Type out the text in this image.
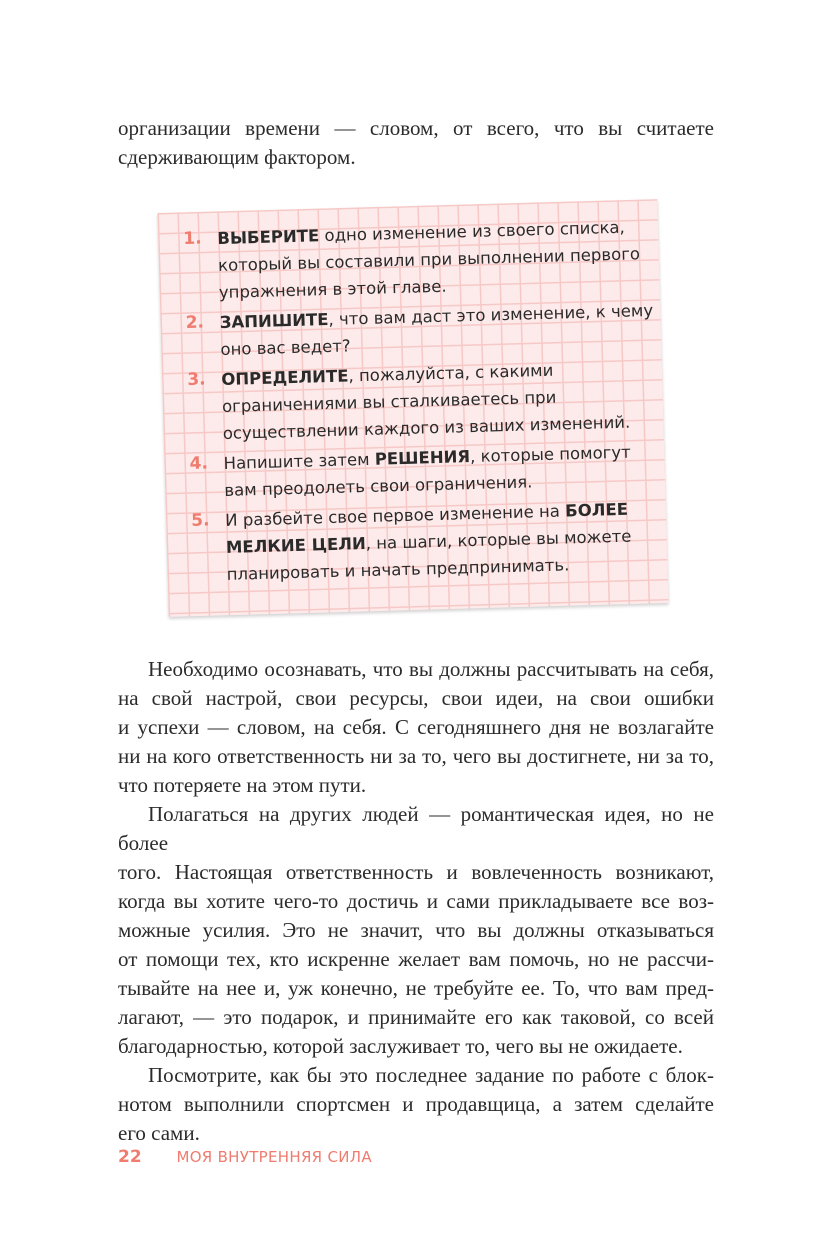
организации времени — словом, от всего, что вы считаете
сдерживающим фактором.
1. ВЫБЕРИТЕ одно изменение из своего списка, который вы составили при выполнении первого упражнения в этой главе.
2. ЗАПИШИТЕ, что вам даст это изменение, к чему оно вас ведет?
3. ОПРЕДЕЛИТЕ, пожалуйста, с какими ограничениями вы сталкиваетесь при осуществлении каждого из ваших изменений.
4. Напишите затем РЕШЕНИЯ, которые помогут вам преодолеть свои ограничения.
5. И разбейте свое первое изменение на БОЛЕЕ МЕЛКИЕ ЦЕЛИ, на шаги, которые вы можете планировать и начать предпринимать.
Необходимо осознавать, что вы должны рассчитывать на себя,
на свой настрой, свои ресурсы, свои идеи, на свои ошибки
и успехи — словом, на себя. С сегодняшнего дня не возлагайте
ни на кого ответственность ни за то, чего вы достигнете, ни за то,
что потеряете на этом пути.
Полагаться на других людей — романтическая идея, но не более
того. Настоящая ответственность и вовлеченность возникают,
когда вы хотите чего-то достичь и сами прикладываете все воз-
можные усилия. Это не значит, что вы должны отказываться
от помощи тех, кто искренне желает вам помочь, но не рассчи-
тывайте на нее и, уж конечно, не требуйте ее. То, что вам пред-
лагают, — это подарок, и принимайте его как таковой, со всей
благодарностью, которой заслуживает то, чего вы не ожидаете.
Посмотрите, как бы это последнее задание по работе с блок-
нотом выполнили спортсмен и продавщица, а затем сделайте
его сами.
22 МОЯ ВНУТРЕННЯЯ СИЛА
